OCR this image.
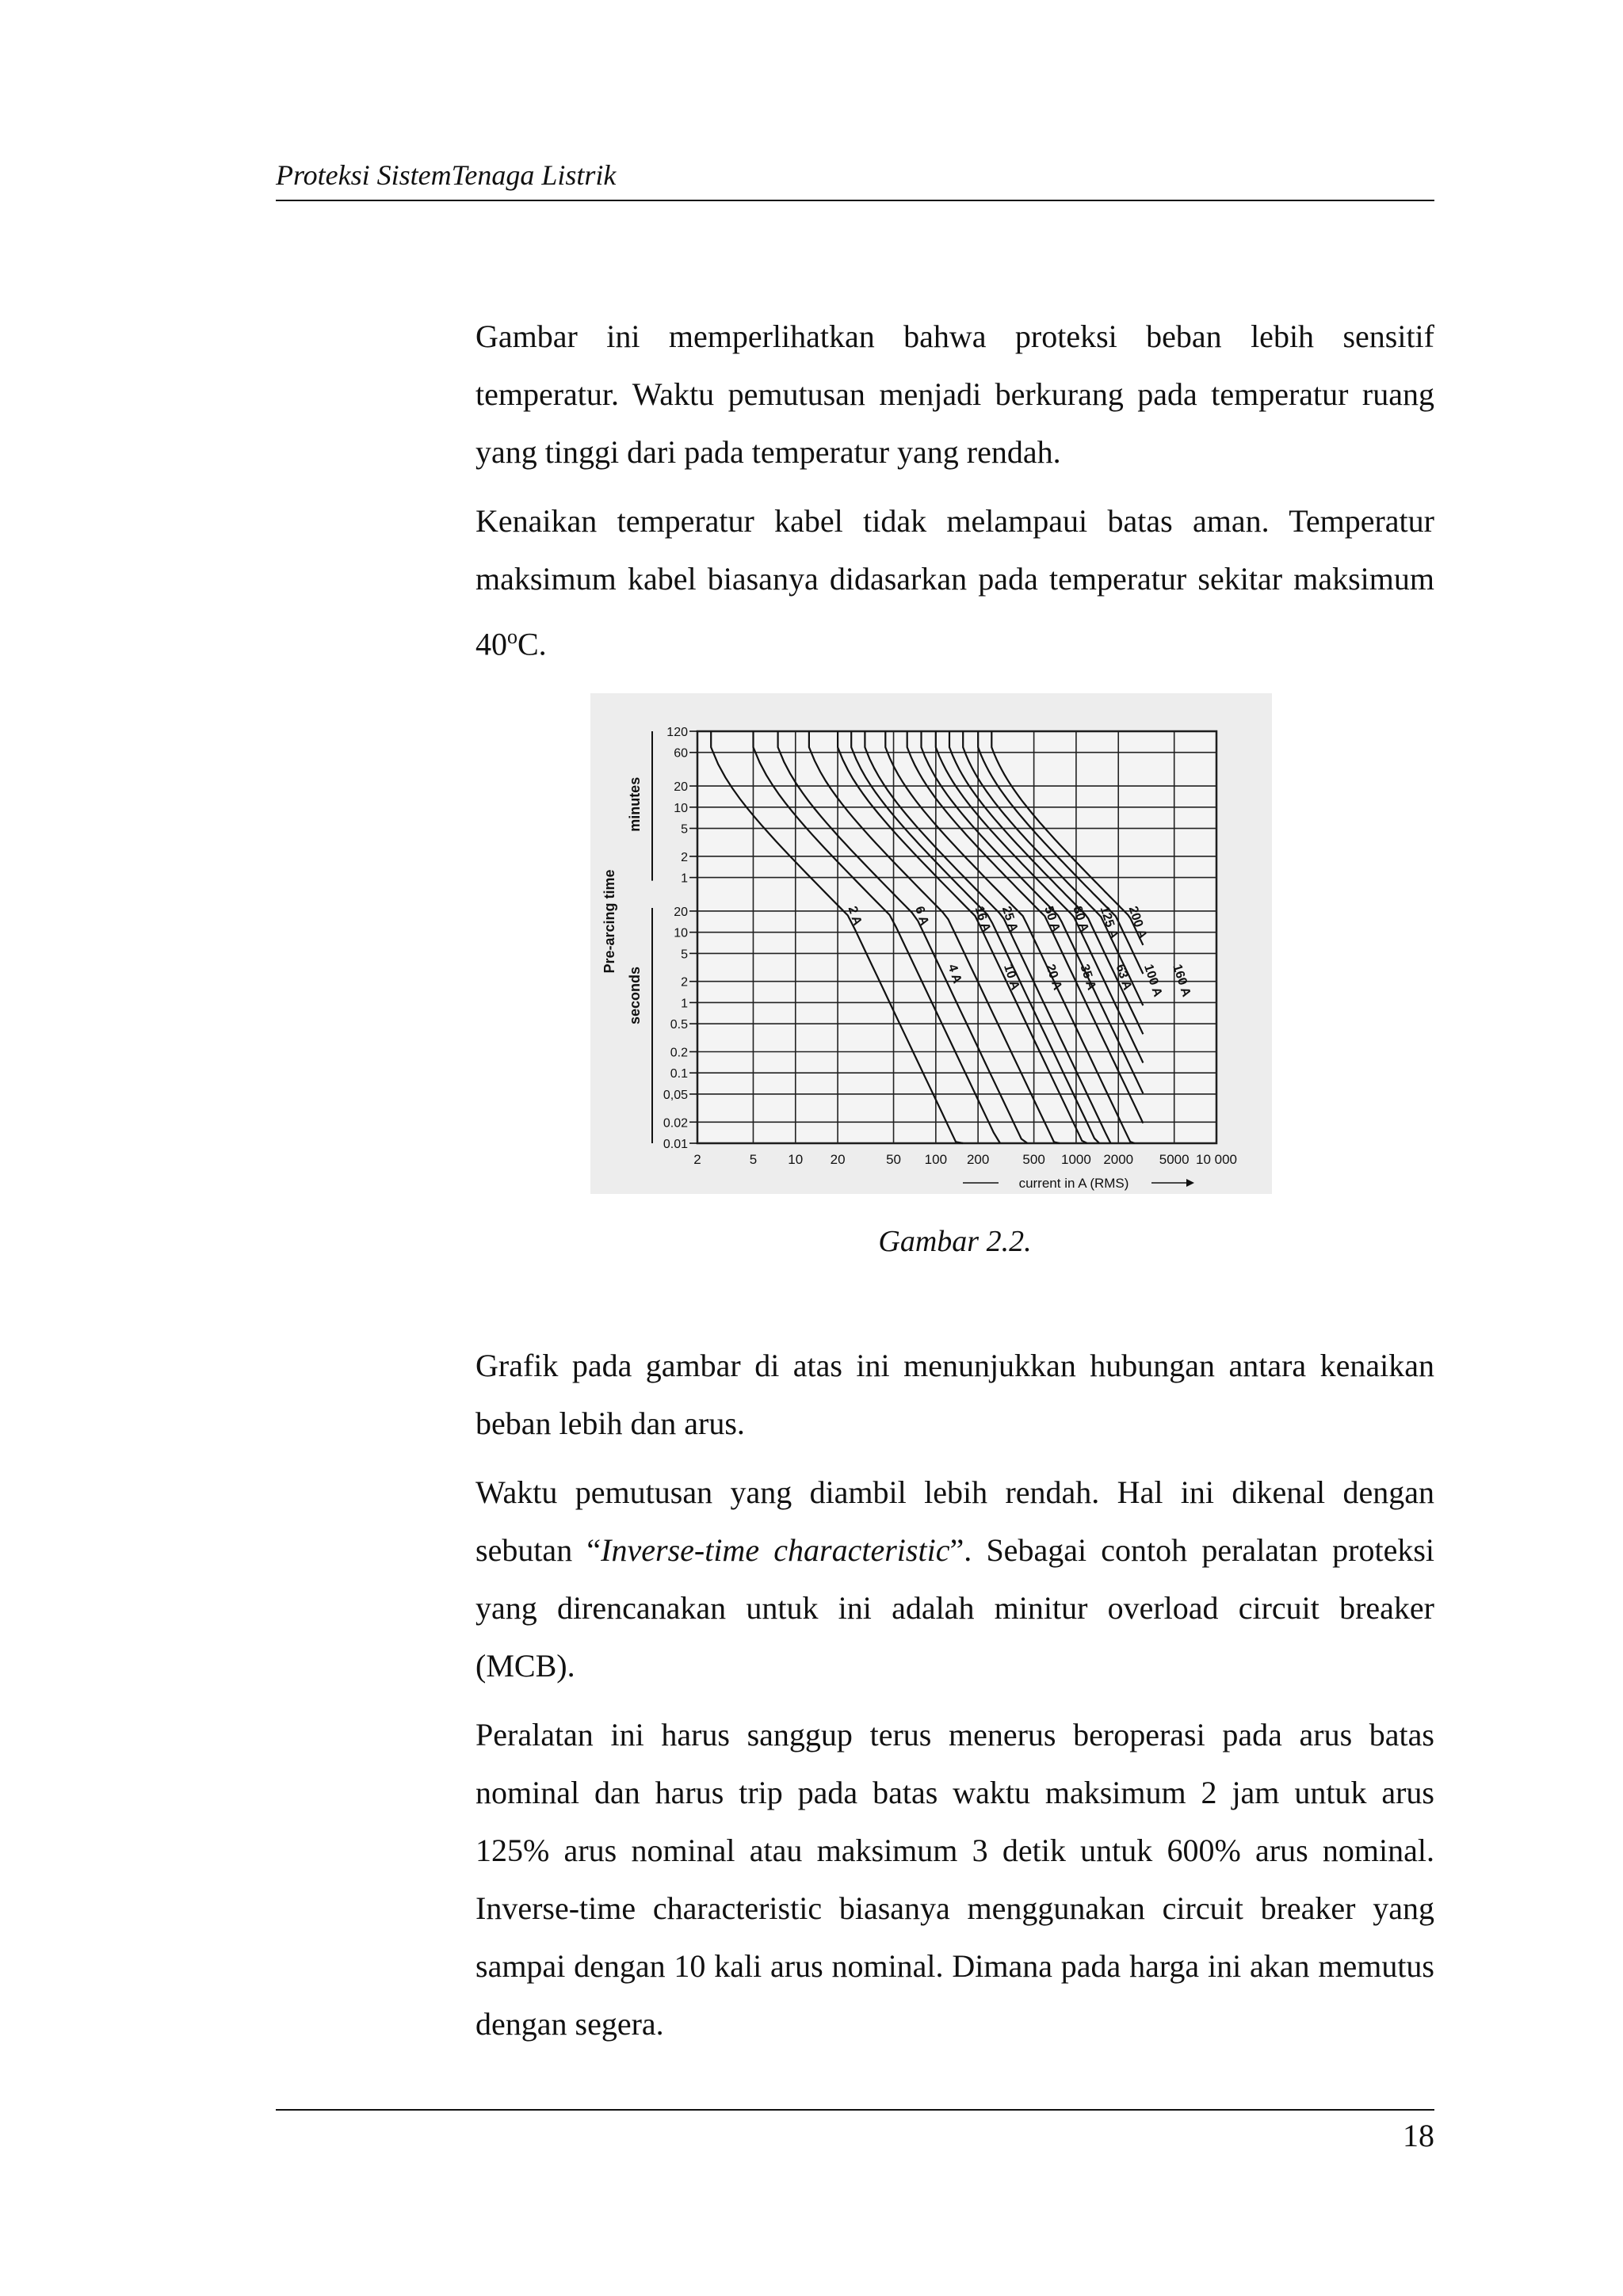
Proteksi SistemTenaga Listrik

Gambar ini memperlihatkan bahwa proteksi beban lebih sensitif temperatur. Waktu pemutusan menjadi berkurang pada temperatur ruang yang tinggi dari pada temperatur yang rendah.

Kenaikan temperatur kabel tidak melampaui batas aman. Temperatur maksimum kabel biasanya didasarkan pada temperatur sekitar maksimum 40$^o$C.

2	5 10 20	50 100 200 500 1000 2000 5000 10 000
120
60
20
10
5
2
1
20
10
5
2
1
0.5
0.2
0.1
0,05
0.02
0.01
minutes
seconds
Pre-arcing time
current in A (RMS)
2 A
4 A
6 A
10 A
16 A
20 A
25 A
35 A
50 A
63 A
80 A
100 A
125 A
160 A
200 A
Gambar 2.2.

Grafik pada gambar di atas ini menunjukkan hubungan antara kenaikan beban lebih dan arus.

Waktu pemutusan yang diambil lebih rendah. Hal ini dikenal dengan sebutan “Inverse-time characteristic”. Sebagai contoh peralatan proteksi yang direncanakan untuk ini adalah minitur overload circuit breaker (MCB).

Peralatan ini harus sanggup terus menerus beroperasi pada arus batas nominal dan harus trip pada batas waktu maksimum 2 jam untuk arus 125% arus nominal atau maksimum 3 detik untuk 600% arus nominal. Inverse-time characteristic biasanya menggunakan circuit breaker yang sampai dengan 10 kali arus nominal. Dimana pada harga ini akan memutus dengan segera.

18
